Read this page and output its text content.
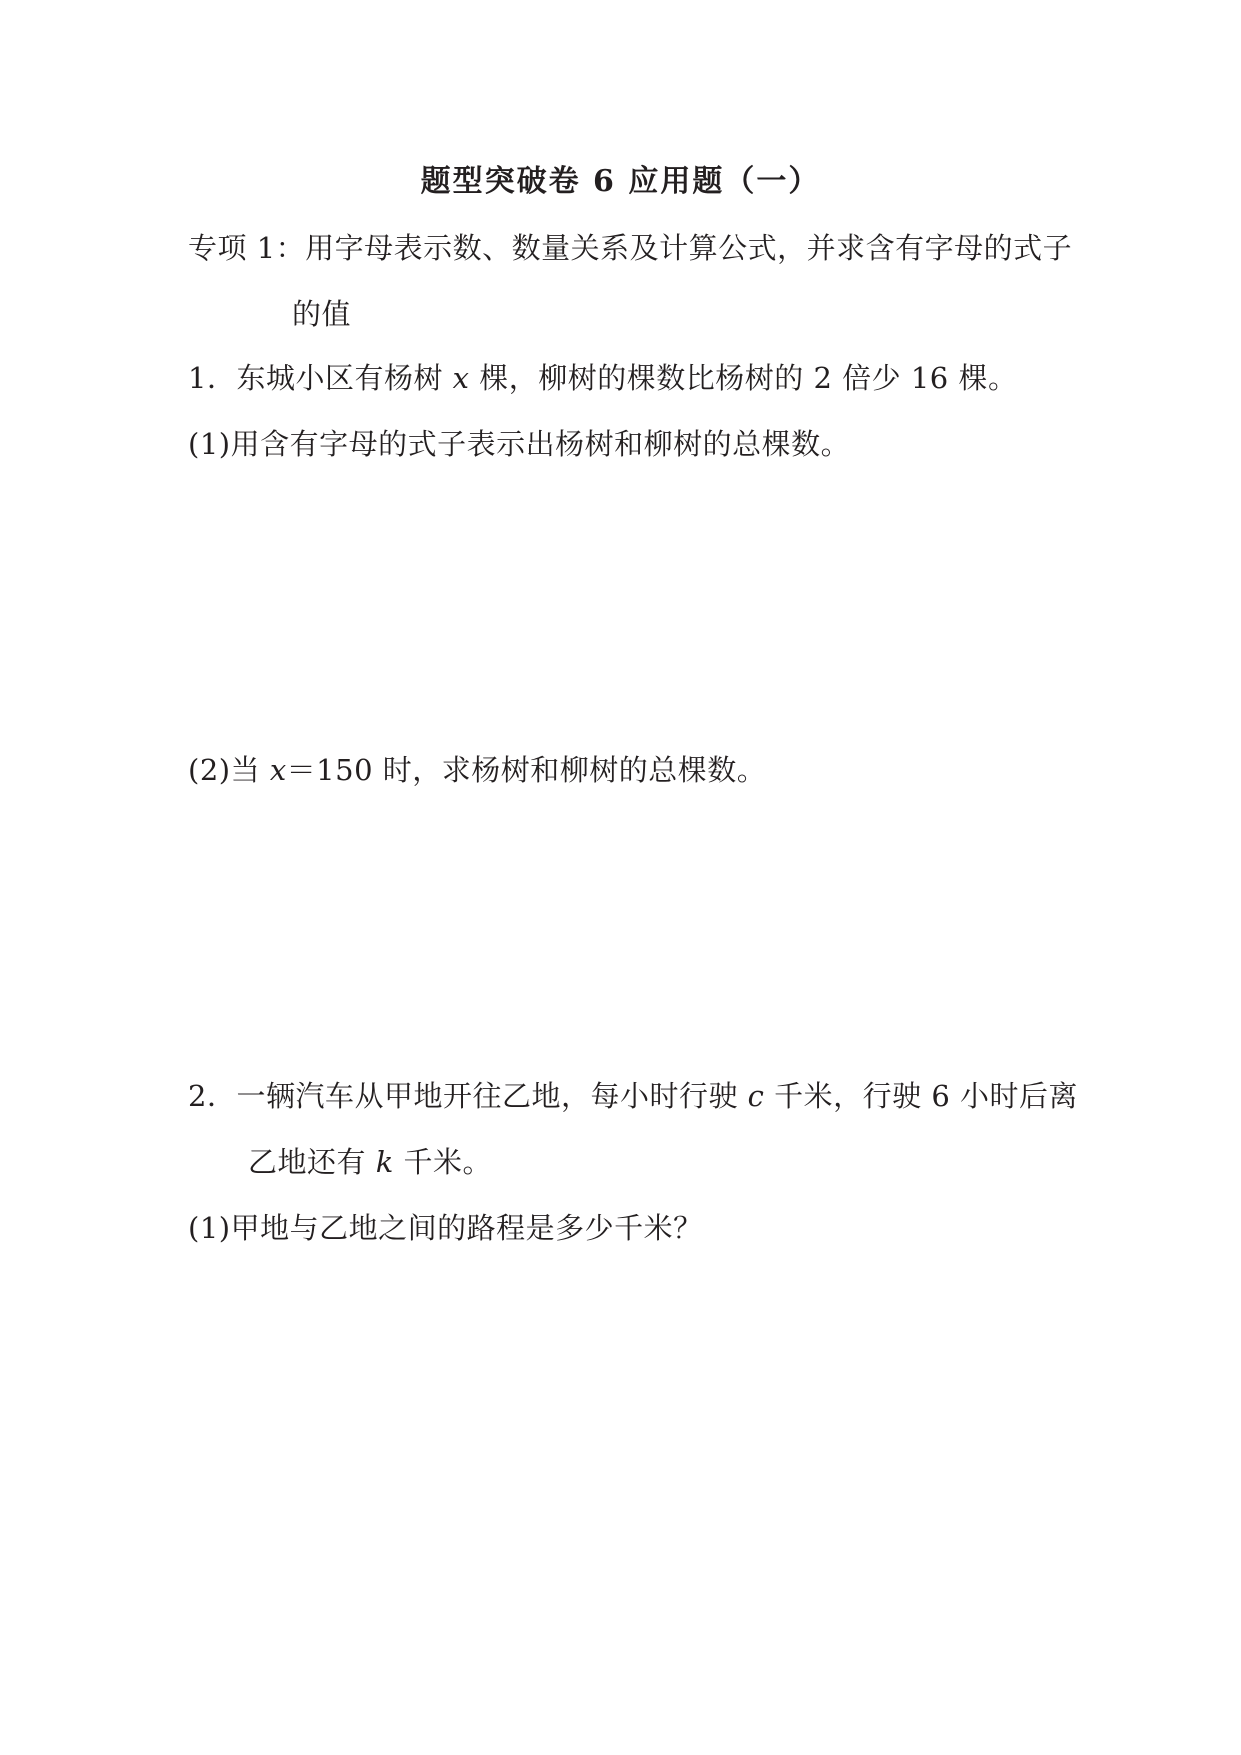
题型突破卷 6 应用题（一）
专项 1：用字母表示数、数量关系及计算公式，并求含有字母的式子
的值
1．东城小区有杨树 x 棵，柳树的棵数比杨树的 2 倍少 16 棵。
(1)用含有字母的式子表示出杨树和柳树的总棵数。
(2)当 x＝150 时，求杨树和柳树的总棵数。
2．一辆汽车从甲地开往乙地，每小时行驶 c 千米，行驶 6 小时后离
乙地还有 k 千米。
(1)甲地与乙地之间的路程是多少千米？
